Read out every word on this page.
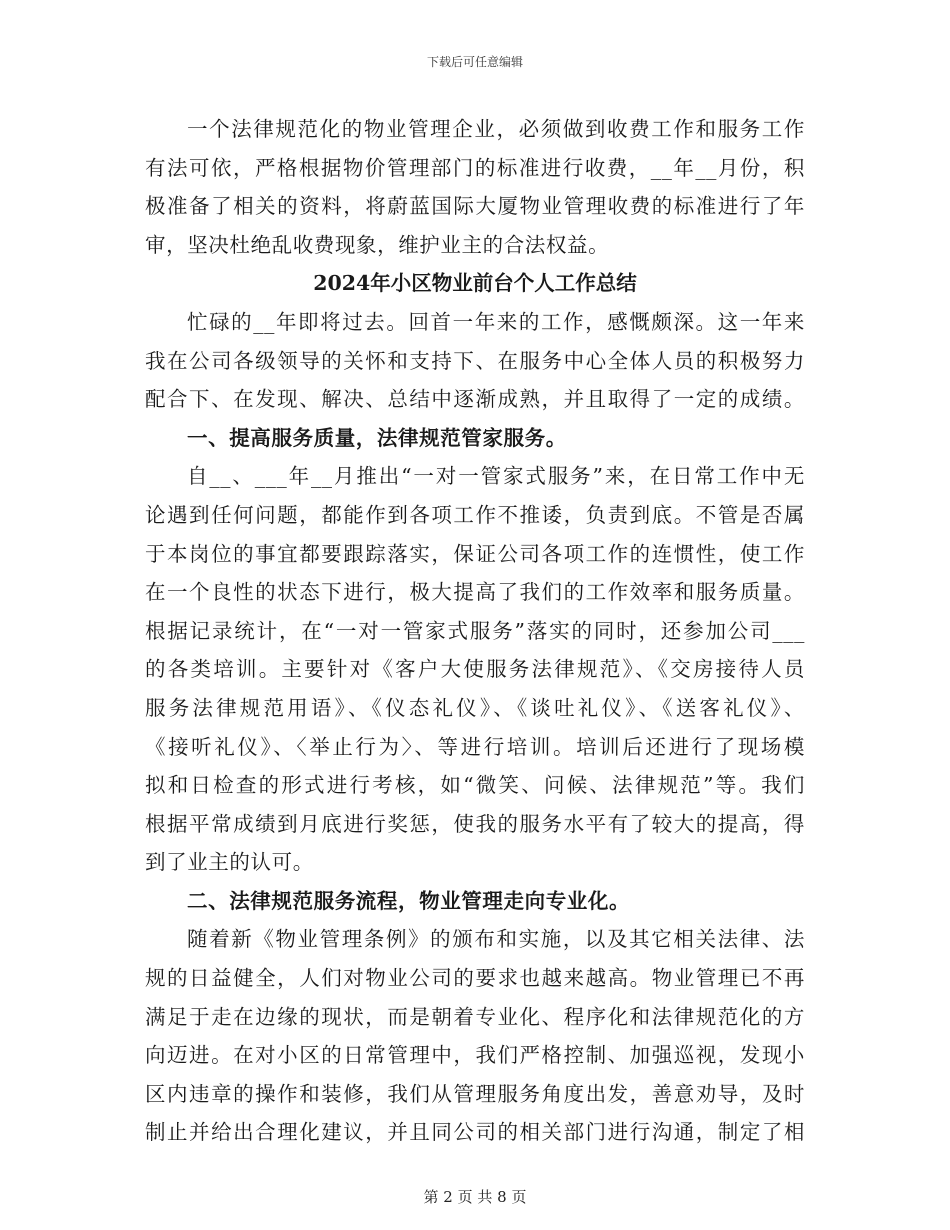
下载后可任意编辑
一个法律规范化的物业管理企业，必须做到收费工作和服务工作
有法可依，严格根据物价管理部门的标准进行收费，__年__月份，积
极准备了相关的资料，将蔚蓝国际大厦物业管理收费的标准进行了年
审，坚决杜绝乱收费现象，维护业主的合法权益。
2024年小区物业前台个人工作总结
忙碌的__年即将过去。回首一年来的工作，感慨颇深。这一年来
我在公司各级领导的关怀和支持下、在服务中心全体人员的积极努力
配合下、在发现、解决、总结中逐渐成熟，并且取得了一定的成绩。
一、提高服务质量，法律规范管家服务。
自__、___年__月推出“一对一管家式服务”来，在日常工作中无
论遇到任何问题，都能作到各项工作不推诿，负责到底。不管是否属
于本岗位的事宜都要跟踪落实，保证公司各项工作的连惯性，使工作
在一个良性的状态下进行，极大提高了我们的工作效率和服务质量。
根据记录统计，在“一对一管家式服务”落实的同时，还参加公司___
的各类培训。主要针对《客户大使服务法律规范》、《交房接待人员
服务法律规范用语》、《仪态礼仪》、《谈吐礼仪》、《送客礼仪》、
《接听礼仪》、〈举止行为〉、等进行培训。培训后还进行了现场模
拟和日检查的形式进行考核，如“微笑、问候、法律规范”等。我们
根据平常成绩到月底进行奖惩，使我的服务水平有了较大的提高，得
到了业主的认可。
二、法律规范服务流程，物业管理走向专业化。
随着新《物业管理条例》的颁布和实施，以及其它相关法律、法
规的日益健全，人们对物业公司的要求也越来越高。物业管理已不再
满足于走在边缘的现状，而是朝着专业化、程序化和法律规范化的方
向迈进。在对小区的日常管理中，我们严格控制、加强巡视，发现小
区内违章的操作和装修，我们从管理服务角度出发，善意劝导，及时
制止并给出合理化建议，并且同公司的相关部门进行沟通，制定了相
第 2 页 共 8 页
